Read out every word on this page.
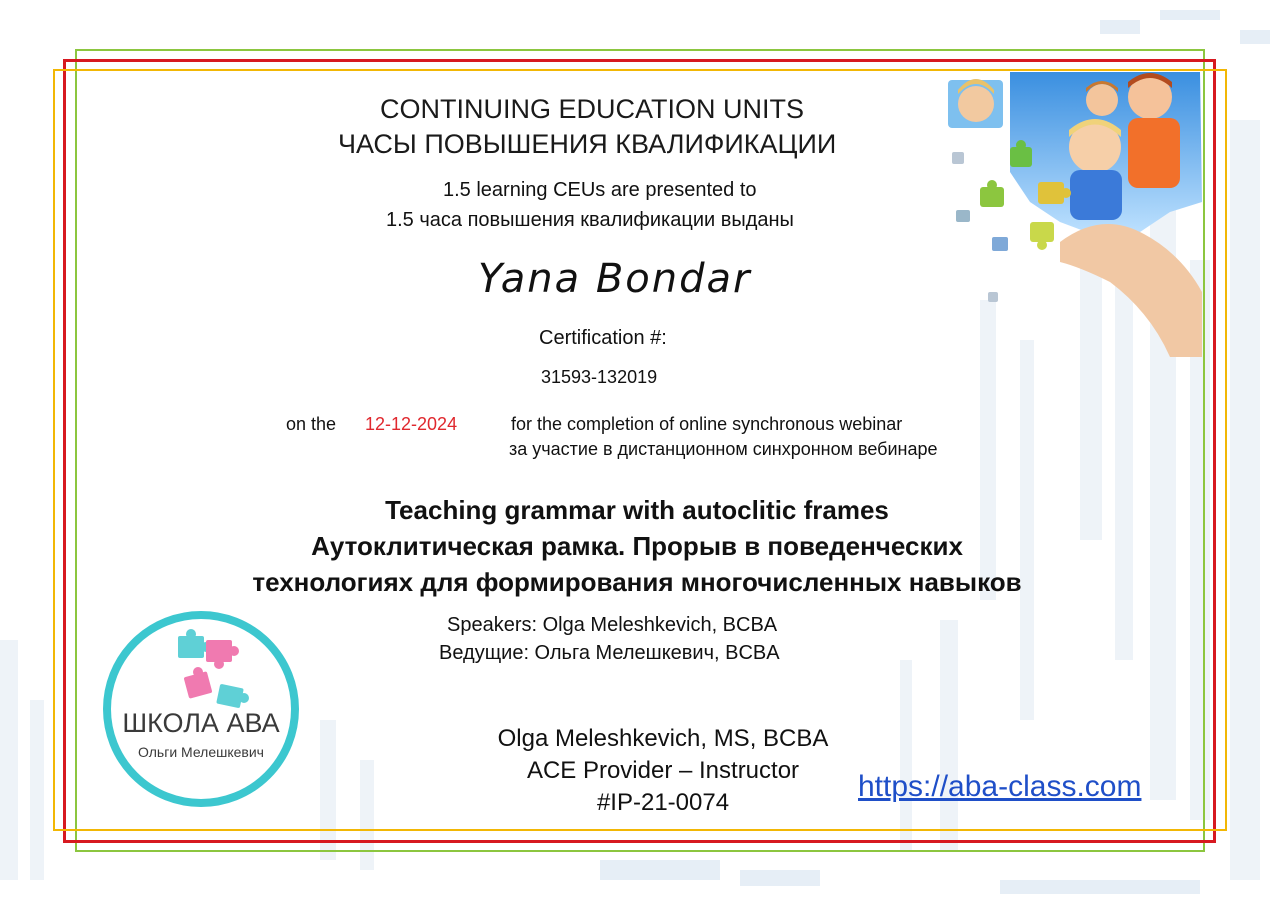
CONTINUING EDUCATION UNITS
ЧАСЫ ПОВЫШЕНИЯ КВАЛИФИКАЦИИ
1.5 learning CEUs are presented to
1.5 часа повышения квалификации выданы
Yana Bondar
Certification #:
31593-132019
on the 12-12-2024	for the completion of online synchronous webinar
за участие в дистанционном синхронном вебинаре
Teaching grammar with autoclitic frames
Аутоклитическая рамка. Прорыв в поведенческих
технологиях для формирования многочисленных навыков
Speakers: Olga Meleshkevich, BCBA
Ведущие: Ольга Мелешкевич, BCBA
Olga Meleshkevich, MS, BCBA
ACE Provider – Instructor
#IP-21-0074	https://aba-class.com
ШКОЛА АВА
Ольги Мелешкевич
